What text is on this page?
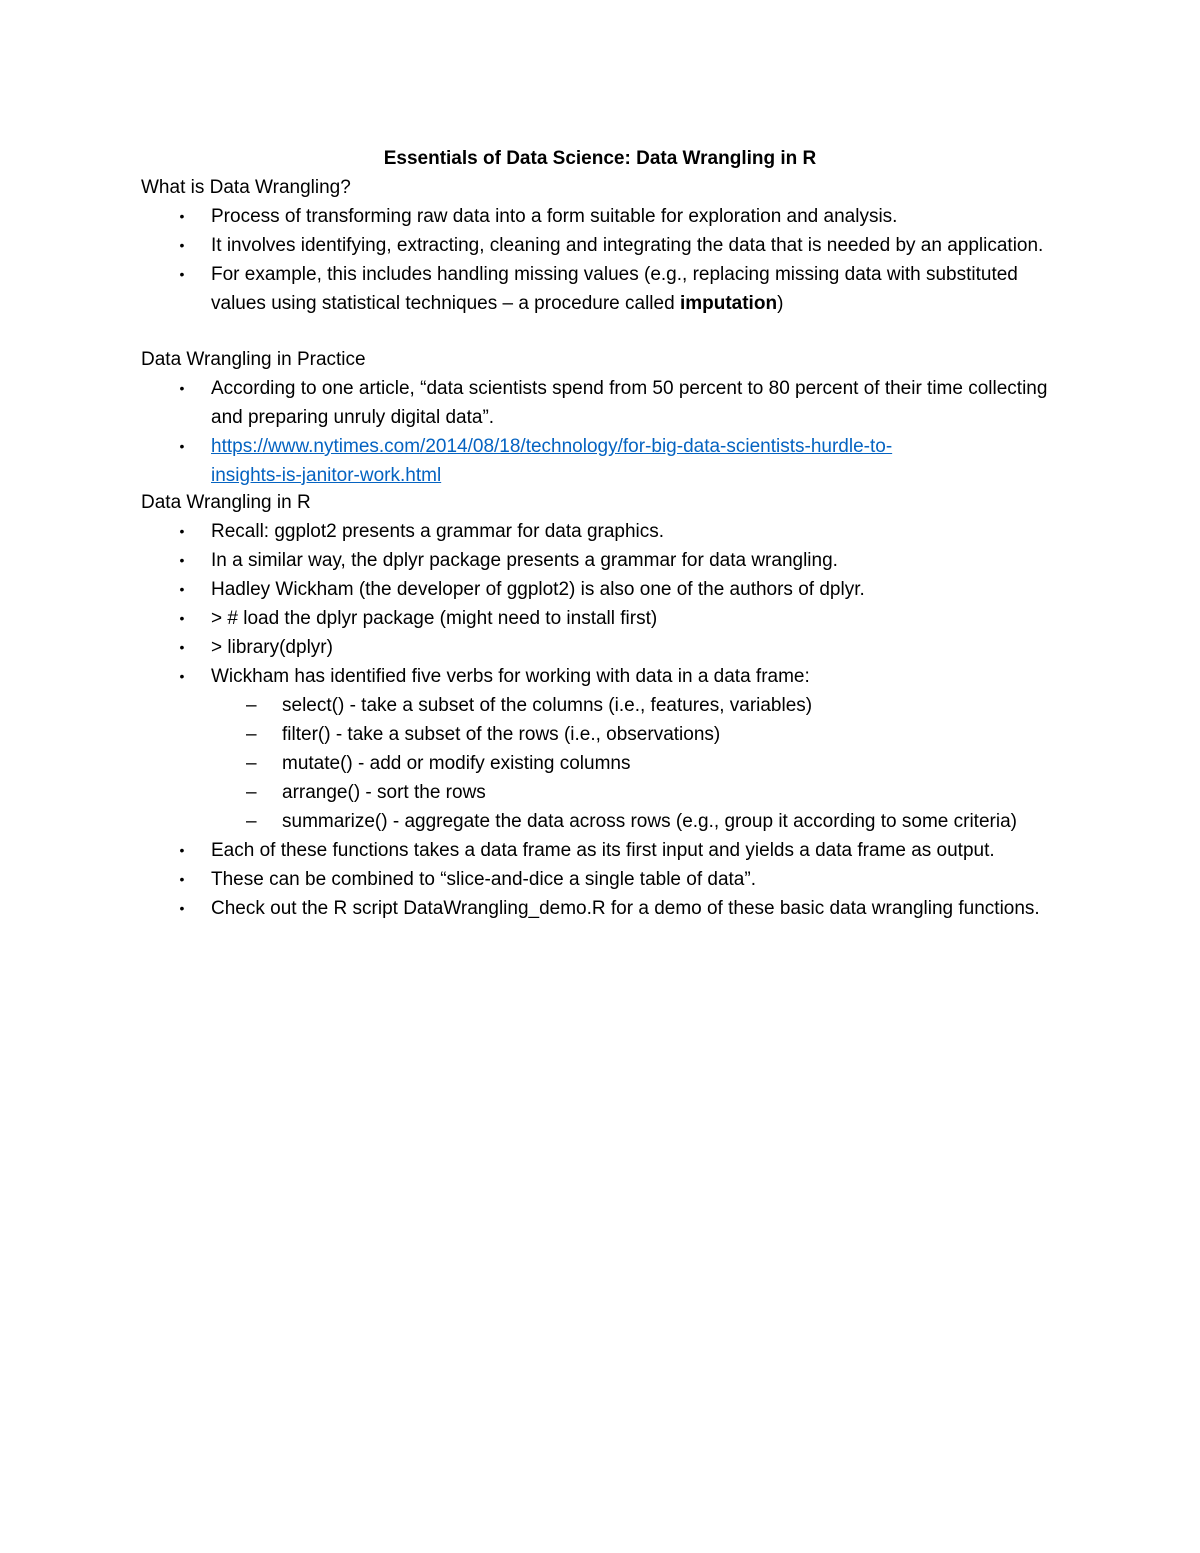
Essentials of Data Science: Data Wrangling in R
What is Data Wrangling?
• Process of transforming raw data into a form suitable for exploration and analysis.
• It involves identifying, extracting, cleaning and integrating the data that is needed by an application.
• For example, this includes handling missing values (e.g., replacing missing data with substituted values using statistical techniques – a procedure called imputation)
Data Wrangling in Practice
• According to one article, “data scientists spend from 50 percent to 80 percent of their time collecting and preparing unruly digital data”.
• https://www.nytimes.com/2014/08/18/technology/for-big-data-scientists-hurdle-to-
insights-is-janitor-work.html
Data Wrangling in R
• Recall: ggplot2 presents a grammar for data graphics.
• In a similar way, the dplyr package presents a grammar for data wrangling.
• Hadley Wickham (the developer of ggplot2) is also one of the authors of dplyr.
• > # load the dplyr package (might need to install first)
• > library(dplyr)
• Wickham has identified five verbs for working with data in a data frame:
– select() - take a subset of the columns (i.e., features, variables)
– filter() - take a subset of the rows (i.e., observations)
– mutate() - add or modify existing columns
– arrange() - sort the rows
– summarize() - aggregate the data across rows (e.g., group it according to some criteria)
• Each of these functions takes a data frame as its first input and yields a data frame as output.
• These can be combined to “slice-and-dice a single table of data”.
• Check out the R script DataWrangling_demo.R for a demo of these basic data wrangling functions.
